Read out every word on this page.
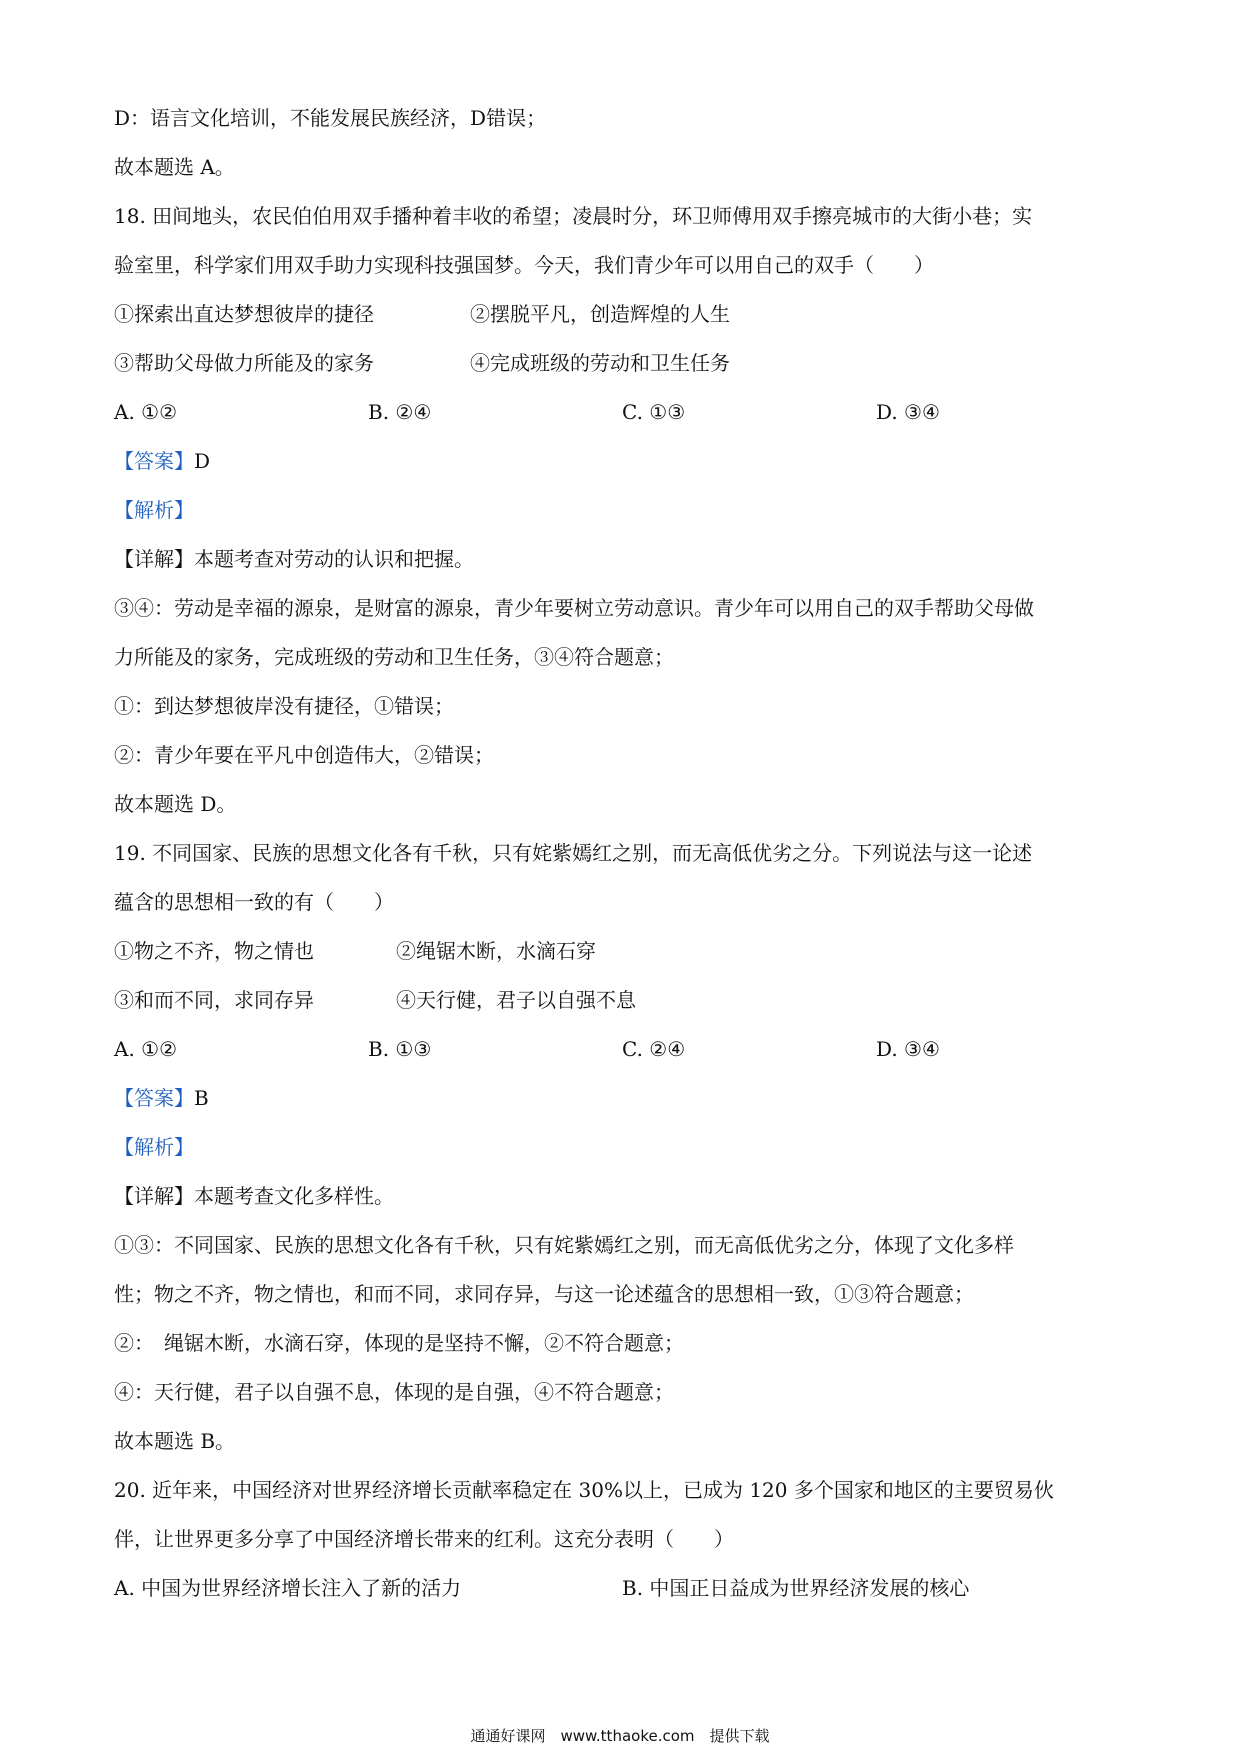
D：语言文化培训，不能发展民族经济，D错误；
故本题选 A。
18. 田间地头，农民伯伯用双手播种着丰收的希望；凌晨时分，环卫师傅用双手擦亮城市的大街小巷；实
验室里，科学家们用双手助力实现科技强国梦。今天，我们青少年可以用自己的双手（　　）
①探索出直达梦想彼岸的捷径	②摆脱平凡，创造辉煌的人生
③帮助父母做力所能及的家务	④完成班级的劳动和卫生任务
A. ①②	B. ②④	C. ①③	D. ③④
【答案】D
【解析】
【详解】本题考查对劳动的认识和把握。
③④：劳动是幸福的源泉，是财富的源泉，青少年要树立劳动意识。青少年可以用自己的双手帮助父母做
力所能及的家务，完成班级的劳动和卫生任务，③④符合题意；
①：到达梦想彼岸没有捷径，①错误；
②：青少年要在平凡中创造伟大，②错误；
故本题选 D。
19. 不同国家、民族的思想文化各有千秋，只有姹紫嫣红之别，而无高低优劣之分。下列说法与这一论述
蕴含的思想相一致的有（　　）
①物之不齐，物之情也	②绳锯木断，水滴石穿
③和而不同，求同存异	④天行健，君子以自强不息
A. ①②	B. ①③	C. ②④	D. ③④
【答案】B
【解析】
【详解】本题考查文化多样性。
①③：不同国家、民族的思想文化各有千秋，只有姹紫嫣红之别，而无高低优劣之分，体现了文化多样
性；物之不齐，物之情也，和而不同，求同存异，与这一论述蕴含的思想相一致，①③符合题意；
②：　绳锯木断，水滴石穿，体现的是坚持不懈，②不符合题意；
④：天行健，君子以自强不息，体现的是自强，④不符合题意；
故本题选 B。
20. 近年来，中国经济对世界经济增长贡献率稳定在 30%以上，已成为 120 多个国家和地区的主要贸易伙
伴，让世界更多分享了中国经济增长带来的红利。这充分表明（　　）
A. 中国为世界经济增长注入了新的活力	B. 中国正日益成为世界经济发展的核心
通通好课网　www.tthaoke.com　提供下载
